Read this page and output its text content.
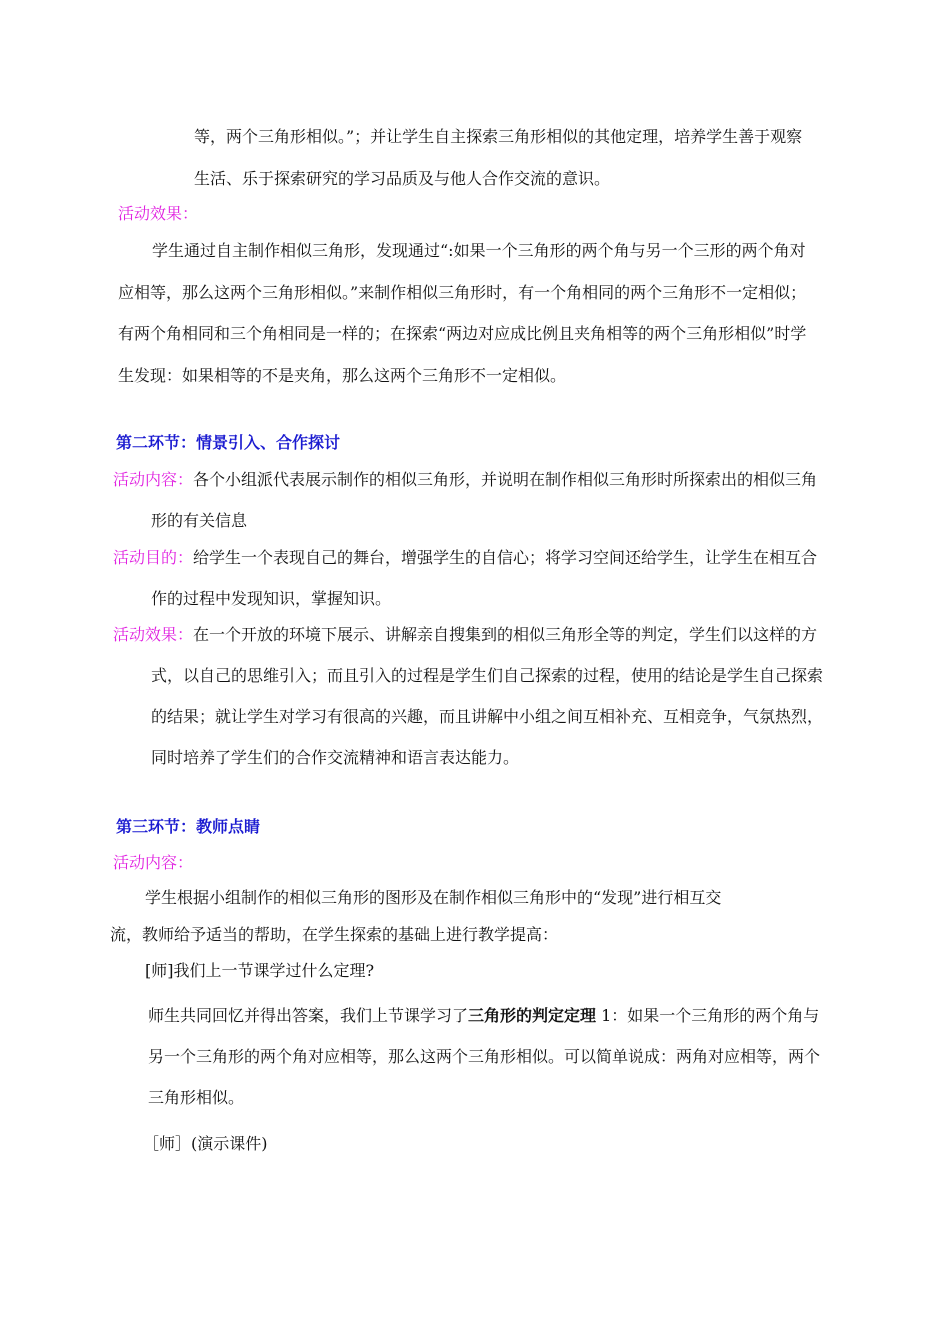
等，两个三角形相似。”；并让学生自主探索三角形相似的其他定理，培养学生善于观察
生活、乐于探索研究的学习品质及与他人合作交流的意识。
活动效果：
学生通过自主制作相似三角形，发现通过“:如果一个三角形的两个角与另一个三形的两个角对
应相等，那么这两个三角形相似。”来制作相似三角形时，有一个角相同的两个三角形不一定相似；
有两个角相同和三个角相同是一样的；在探索“两边对应成比例且夹角相等的两个三角形相似”时学
生发现：如果相等的不是夹角，那么这两个三角形不一定相似。
第二环节：情景引入、合作探讨
活动内容：各个小组派代表展示制作的相似三角形，并说明在制作相似三角形时所探索出的相似三角
形的有关信息
活动目的：给学生一个表现自己的舞台，增强学生的自信心；将学习空间还给学生，让学生在相互合
作的过程中发现知识，掌握知识。
活动效果：在一个开放的环境下展示、讲解亲自搜集到的相似三角形全等的判定，学生们以这样的方
式，以自己的思维引入；而且引入的过程是学生们自己探索的过程，使用的结论是学生自己探索
的结果；就让学生对学习有很高的兴趣，而且讲解中小组之间互相补充、互相竞争，气氛热烈，
同时培养了学生们的合作交流精神和语言表达能力。
第三环节：教师点睛
活动内容：
学生根据小组制作的相似三角形的图形及在制作相似三角形中的“发现”进行相互交
流，教师给予适当的帮助，在学生探索的基础上进行教学提高：
[师]我们上一节课学过什么定理?
师生共同回忆并得出答案，我们上节课学习了三角形的判定定理 1：如果一个三角形的两个角与
另一个三角形的两个角对应相等，那么这两个三角形相似。可以简单说成：两角对应相等，两个
三角形相似。
［师］(演示课件)
